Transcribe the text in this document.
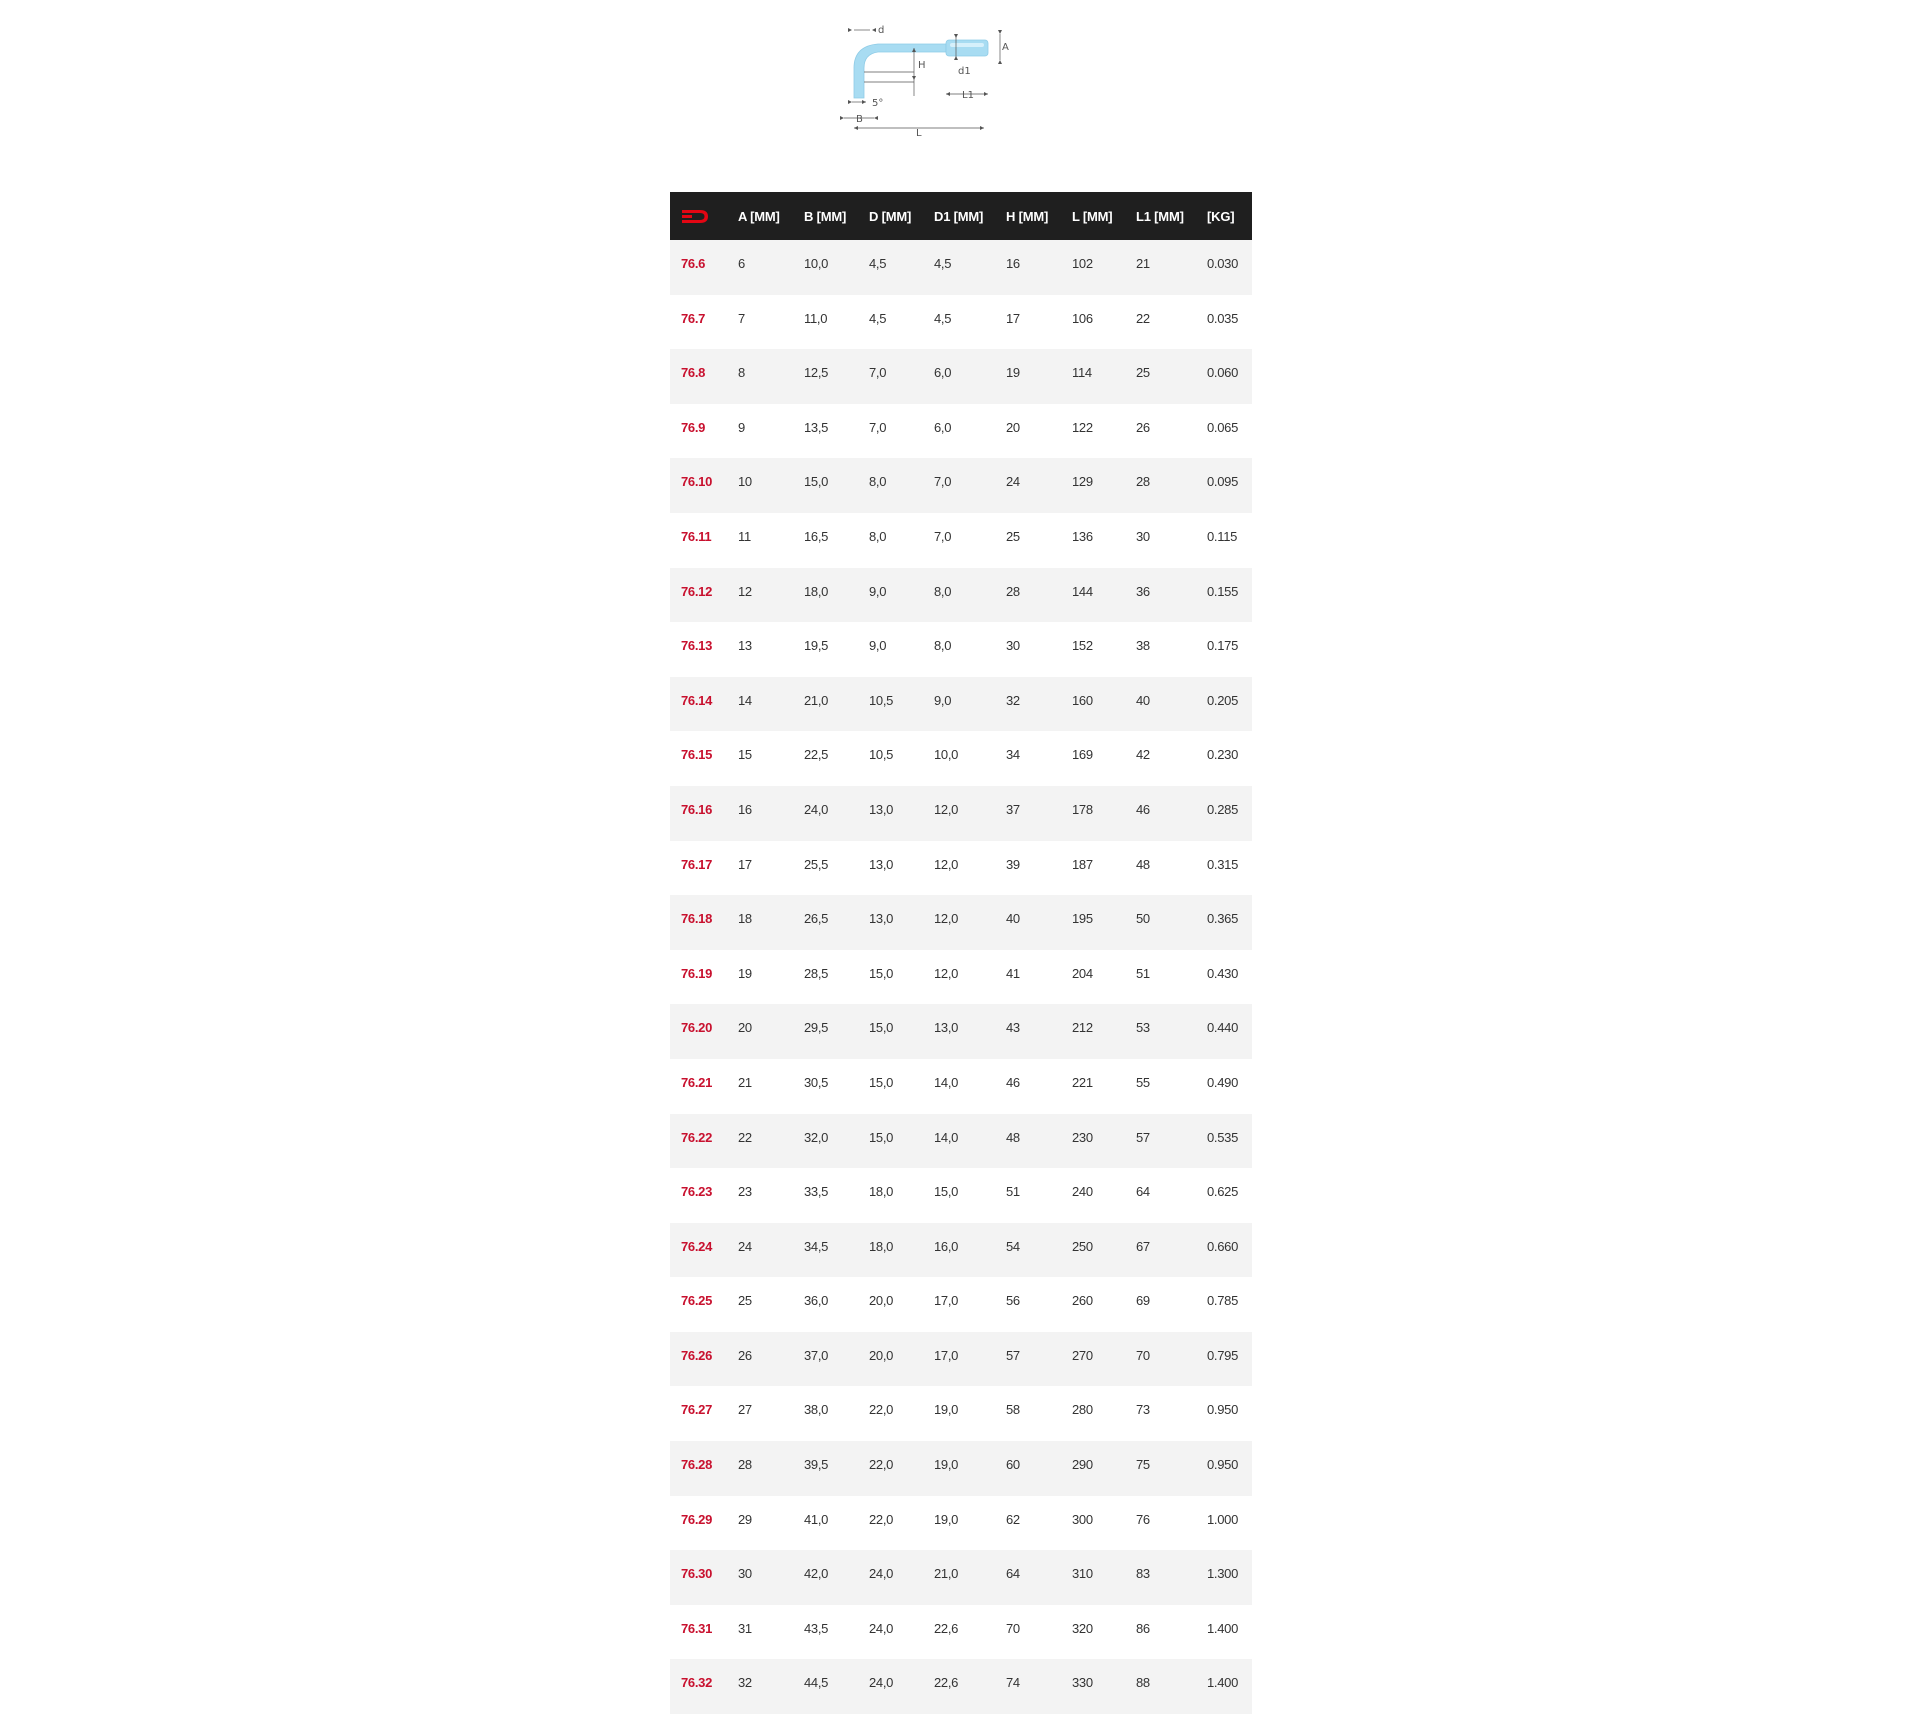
d
H
d1
A
L1
5°
B
L
	A [MM]	B [MM]	D [MM]	D1 [MM]	H [MM]	L [MM]	L1 [MM]	[KG]
76.6	6	10,0	4,5	4,5	16	102	21	0.030
76.7	7	11,0	4,5	4,5	17	106	22	0.035
76.8	8	12,5	7,0	6,0	19	114	25	0.060
76.9	9	13,5	7,0	6,0	20	122	26	0.065
76.10	10	15,0	8,0	7,0	24	129	28	0.095
76.11	11	16,5	8,0	7,0	25	136	30	0.115
76.12	12	18,0	9,0	8,0	28	144	36	0.155
76.13	13	19,5	9,0	8,0	30	152	38	0.175
76.14	14	21,0	10,5	9,0	32	160	40	0.205
76.15	15	22,5	10,5	10,0	34	169	42	0.230
76.16	16	24,0	13,0	12,0	37	178	46	0.285
76.17	17	25,5	13,0	12,0	39	187	48	0.315
76.18	18	26,5	13,0	12,0	40	195	50	0.365
76.19	19	28,5	15,0	12,0	41	204	51	0.430
76.20	20	29,5	15,0	13,0	43	212	53	0.440
76.21	21	30,5	15,0	14,0	46	221	55	0.490
76.22	22	32,0	15,0	14,0	48	230	57	0.535
76.23	23	33,5	18,0	15,0	51	240	64	0.625
76.24	24	34,5	18,0	16,0	54	250	67	0.660
76.25	25	36,0	20,0	17,0	56	260	69	0.785
76.26	26	37,0	20,0	17,0	57	270	70	0.795
76.27	27	38,0	22,0	19,0	58	280	73	0.950
76.28	28	39,5	22,0	19,0	60	290	75	0.950
76.29	29	41,0	22,0	19,0	62	300	76	1.000
76.30	30	42,0	24,0	21,0	64	310	83	1.300
76.31	31	43,5	24,0	22,6	70	320	86	1.400
76.32	32	44,5	24,0	22,6	74	330	88	1.400
